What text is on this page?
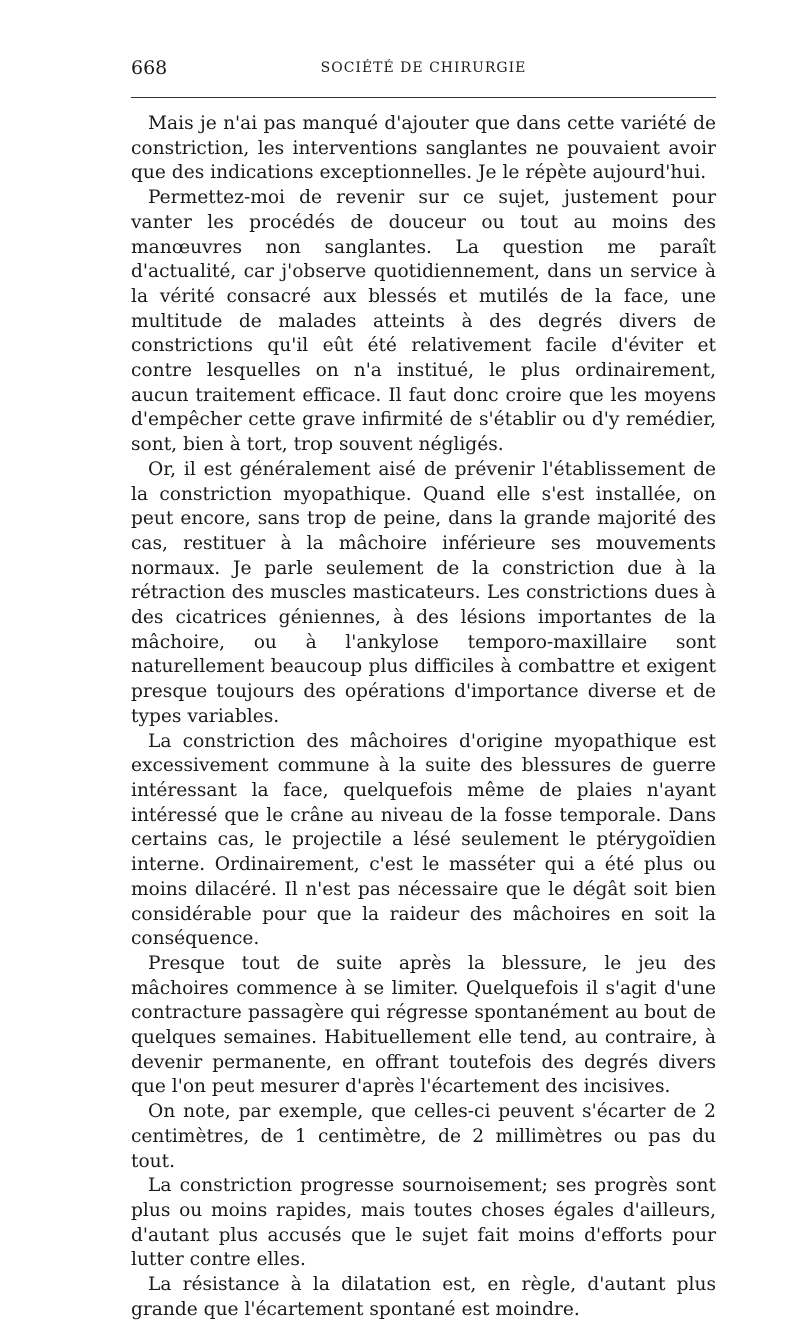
668	SOCIÉTÉ DE CHIRURGIE

Mais je n'ai pas manqué d'ajouter que dans cette variété de constriction, les interventions sanglantes ne pouvaient avoir que des indications exceptionnelles. Je le répète aujourd'hui.

Permettez-moi de revenir sur ce sujet, justement pour vanter les procédés de douceur ou tout au moins des manœuvres non sanglantes. La question me paraît d'actualité, car j'observe quotidiennement, dans un service à la vérité consacré aux blessés et mutilés de la face, une multitude de malades atteints à des degrés divers de constrictions qu'il eût été relativement facile d'éviter et contre lesquelles on n'a institué, le plus ordinairement, aucun traitement efficace. Il faut donc croire que les moyens d'empêcher cette grave infirmité de s'établir ou d'y remédier, sont, bien à tort, trop souvent négligés.

Or, il est généralement aisé de prévenir l'établissement de la constriction myopathique. Quand elle s'est installée, on peut encore, sans trop de peine, dans la grande majorité des cas, restituer à la mâchoire inférieure ses mouvements normaux. Je parle seulement de la constriction due à la rétraction des muscles masticateurs. Les constrictions dues à des cicatrices géniennes, à des lésions importantes de la mâchoire, ou à l'ankylose temporo-maxillaire sont naturellement beaucoup plus difficiles à combattre et exigent presque toujours des opérations d'importance diverse et de types variables.

La constriction des mâchoires d'origine myopathique est excessivement commune à la suite des blessures de guerre intéressant la face, quelquefois même de plaies n'ayant intéressé que le crâne au niveau de la fosse temporale. Dans certains cas, le projectile a lésé seulement le ptérygoïdien interne. Ordinairement, c'est le masséter qui a été plus ou moins dilacéré. Il n'est pas nécessaire que le dégât soit bien considérable pour que la raideur des mâchoires en soit la conséquence.

Presque tout de suite après la blessure, le jeu des mâchoires commence à se limiter. Quelquefois il s'agit d'une contracture passagère qui régresse spontanément au bout de quelques semaines. Habituellement elle tend, au contraire, à devenir permanente, en offrant toutefois des degrés divers que l'on peut mesurer d'après l'écartement des incisives.

On note, par exemple, que celles-ci peuvent s'écarter de 2 centimètres, de 1 centimètre, de 2 millimètres ou pas du tout.

La constriction progresse sournoisement; ses progrès sont plus ou moins rapides, mais toutes choses égales d'ailleurs, d'autant plus accusés que le sujet fait moins d'efforts pour lutter contre elles.

La résistance à la dilatation est, en règle, d'autant plus grande que l'écartement spontané est moindre.
